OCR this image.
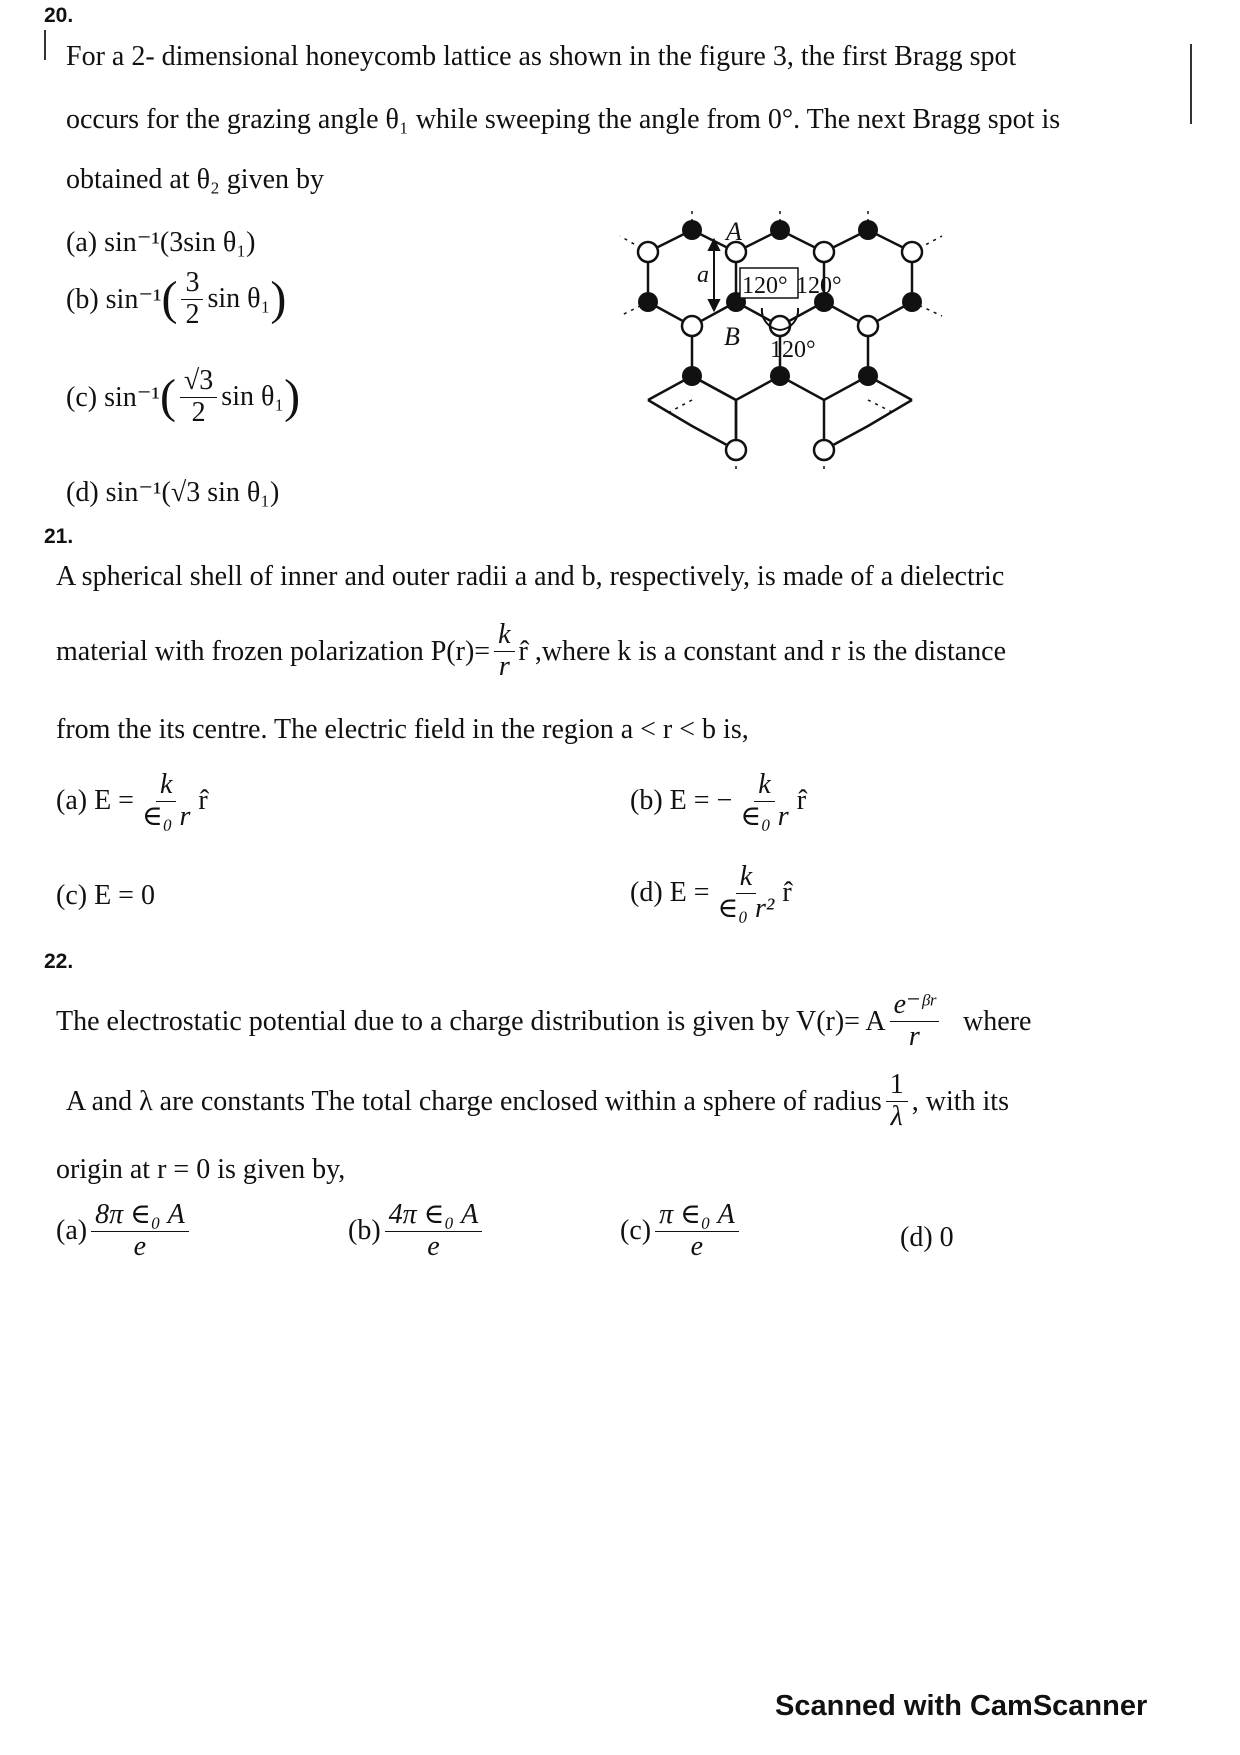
20.
For a 2- dimensional honeycomb lattice as shown in the figure 3, the first Bragg spot
occurs for the grazing angle θ₁ while sweeping the angle from 0°. The next Bragg spot is
obtained at θ₂ given by
(a) sin⁻¹(3sin θ₁)
(b) sin⁻¹ ( $\frac{3}{2}$ sin θ₁ )
(c) sin⁻¹ ( $\frac{√3}{2}$ sin θ₁ )
(d) sin⁻¹(√3 sin θ₁)
A
B
a 120° 120°
120°
21.
A spherical shell of inner and outer radii a and b, respectively, is made of a dielectric
material with frozen polarization $P(r)= \frac{k}{r}$ r̂ ,where k is a constant and r is the distance
from the its centre. The electric field in the region a < r < b is,
(a) $E = \frac{k}{\text{∈₀ r}}$ r̂	(b) E = − $\frac{k}{\text{∈₀ r}}$ r̂
(c) E = 0	(d) $E = \frac{k}{\text{∈₀ r²}}$ r̂
22.
The electrostatic potential due to a charge distribution is given by V(r)= A $\frac{\text{e⁻ᵝʳ}}{r}$ where
A and λ are constants The total charge enclosed within a sphere of radius $\frac{1}{\lambda}$ , with its
origin at r = 0 is given by,
$(a) \frac{\text{8π ∈₀ A}}{e}$	$(b) \frac{\text{4π ∈₀ A}}{e}$	$(c) \frac{\text{π ∈₀ A}}{e}$	(d) 0
Scanned with CamScanner
